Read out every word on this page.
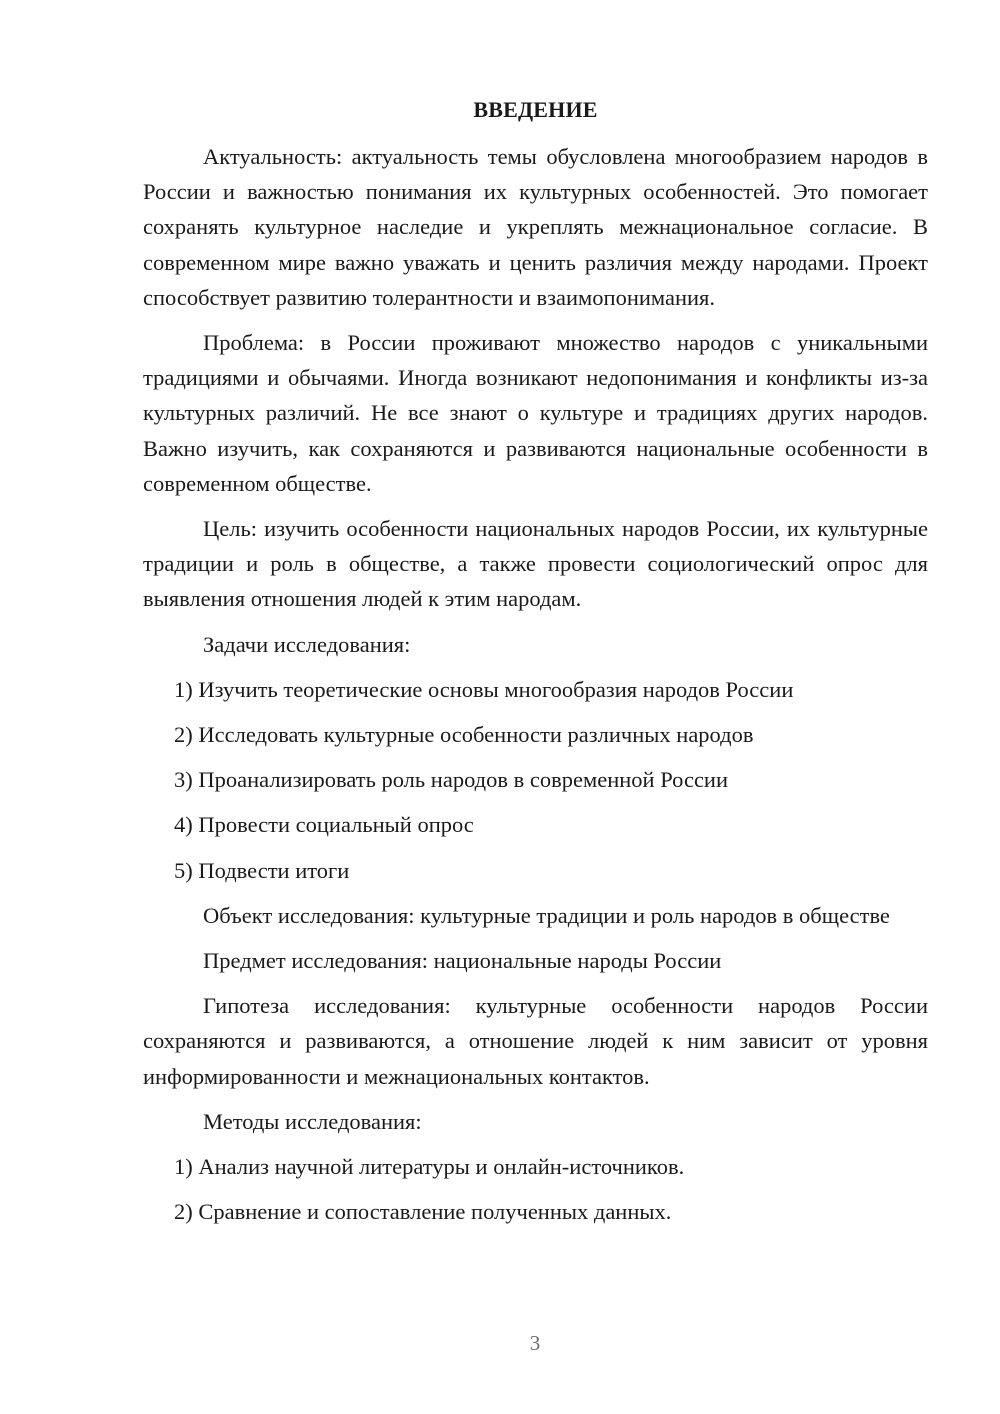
ВВЕДЕНИЕ

Актуальность: актуальность темы обусловлена многообразием народов в России и важностью понимания их культурных особенностей. Это помогает сохранять культурное наследие и укреплять межнациональное согласие. В современном мире важно уважать и ценить различия между народами. Проект способствует развитию толерантности и взаимопонимания.

Проблема: в России проживают множество народов с уникальными традициями и обычаями. Иногда возникают недопонимания и конфликты из-за культурных различий. Не все знают о культуре и традициях других народов. Важно изучить, как сохраняются и развиваются национальные особенности в современном обществе.

Цель: изучить особенности национальных народов России, их культурные традиции и роль в обществе, а также провести социологический опрос для выявления отношения людей к этим народам.

Задачи исследования:

1) Изучить теоретические основы многообразия народов России

2) Исследовать культурные особенности различных народов

3) Проанализировать роль народов в современной России

4) Провести социальный опрос

5) Подвести итоги

Объект исследования: культурные традиции и роль народов в обществе

Предмет исследования: национальные народы России

Гипотеза исследования: культурные особенности народов России сохраняются и развиваются, а отношение людей к ним зависит от уровня информированности и межнациональных контактов.

Методы исследования:

1) Анализ научной литературы и онлайн-источников.

2) Сравнение и сопоставление полученных данных.

3
